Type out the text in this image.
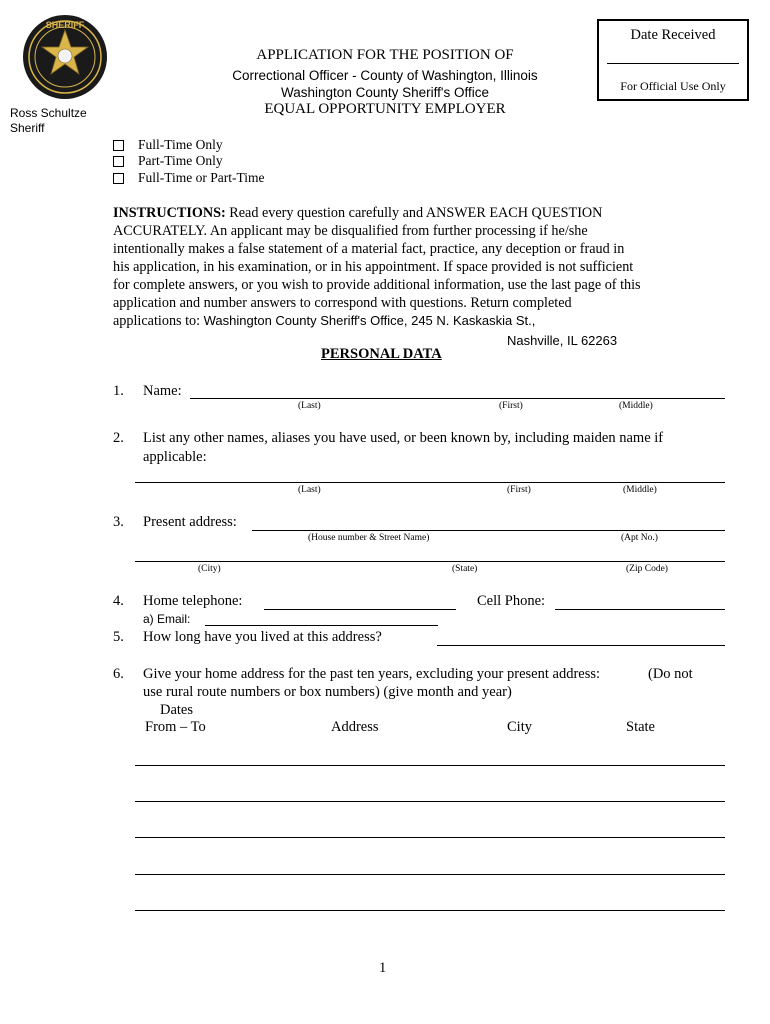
SHERIFF
APPLICATION FOR THE POSITION OF
Correctional Officer - County of Washington, Illinois
Washington County Sheriff's Office
EQUAL OPPORTUNITY EMPLOYER
Date Received
For Official Use Only
Ross Schultze
Sheriff
Full-Time Only
Part-Time Only
Full-Time or Part-Time
INSTRUCTIONS: Read every question carefully and ANSWER EACH QUESTION ACCURATELY. An applicant may be disqualified from further processing if he/she intentionally makes a false statement of a material fact, practice, any deception or fraud in his application, in his examination, or in his appointment. If space provided is not sufficient for complete answers, or you wish to provide additional information, use the last page of this application and number answers to correspond with questions. Return completed applications to: Washington County Sheriff's Office, 245 N. Kaskaskia St.,
Nashville, IL 62263
PERSONAL DATA
1. Name:
(Last)	(First)	(Middle)
2. List any other names, aliases you have used, or been known by, including maiden name if
applicable:
(Last)	(First)	(Middle)
3. Present address:
(House number & Street Name)	(Apt No.)
(City)	(State)	(Zip Code)
4. Home telephone:	Cell Phone:
a) Email:
5. How long have you lived at this address?
6. Give your home address for the past ten years, excluding your present address:	(Do not
use rural route numbers or box numbers) (give month and year)
Dates
From – To	Address	City	State
1
